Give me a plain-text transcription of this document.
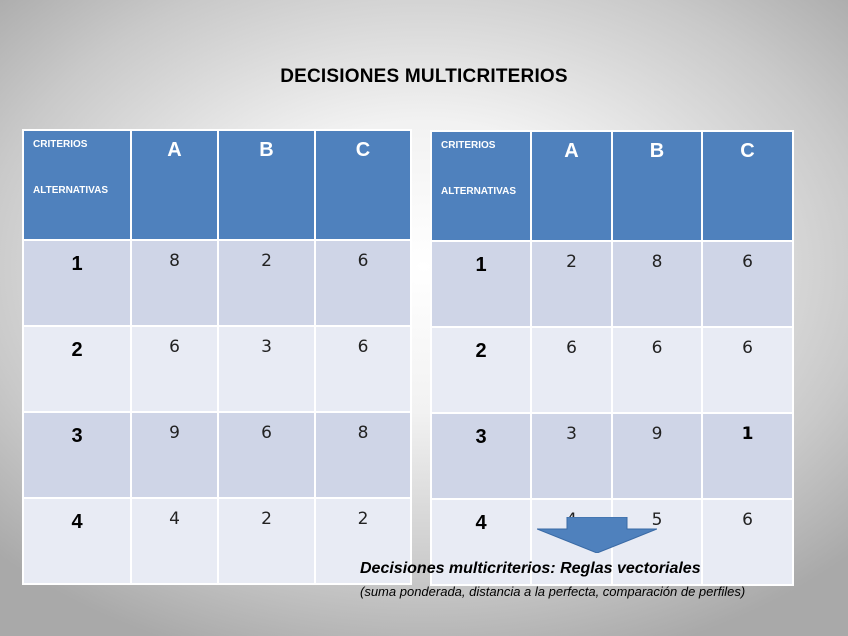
DECISIONES MULTICRITERIOS
CRITERIOS
ALTERNATIVAS	A	B	C
1	8	2	6
2	6	3	6
3	9	6	8
4	4	2	2
CRITERIOS
ALTERNATIVAS	A	B	C
1	2	8	6
2	6	6	6
3	3	9	1
4		5	6
Decisiones multicriterios: Reglas vectoriales
(suma ponderada, distancia a la perfecta, comparación de perfiles)
